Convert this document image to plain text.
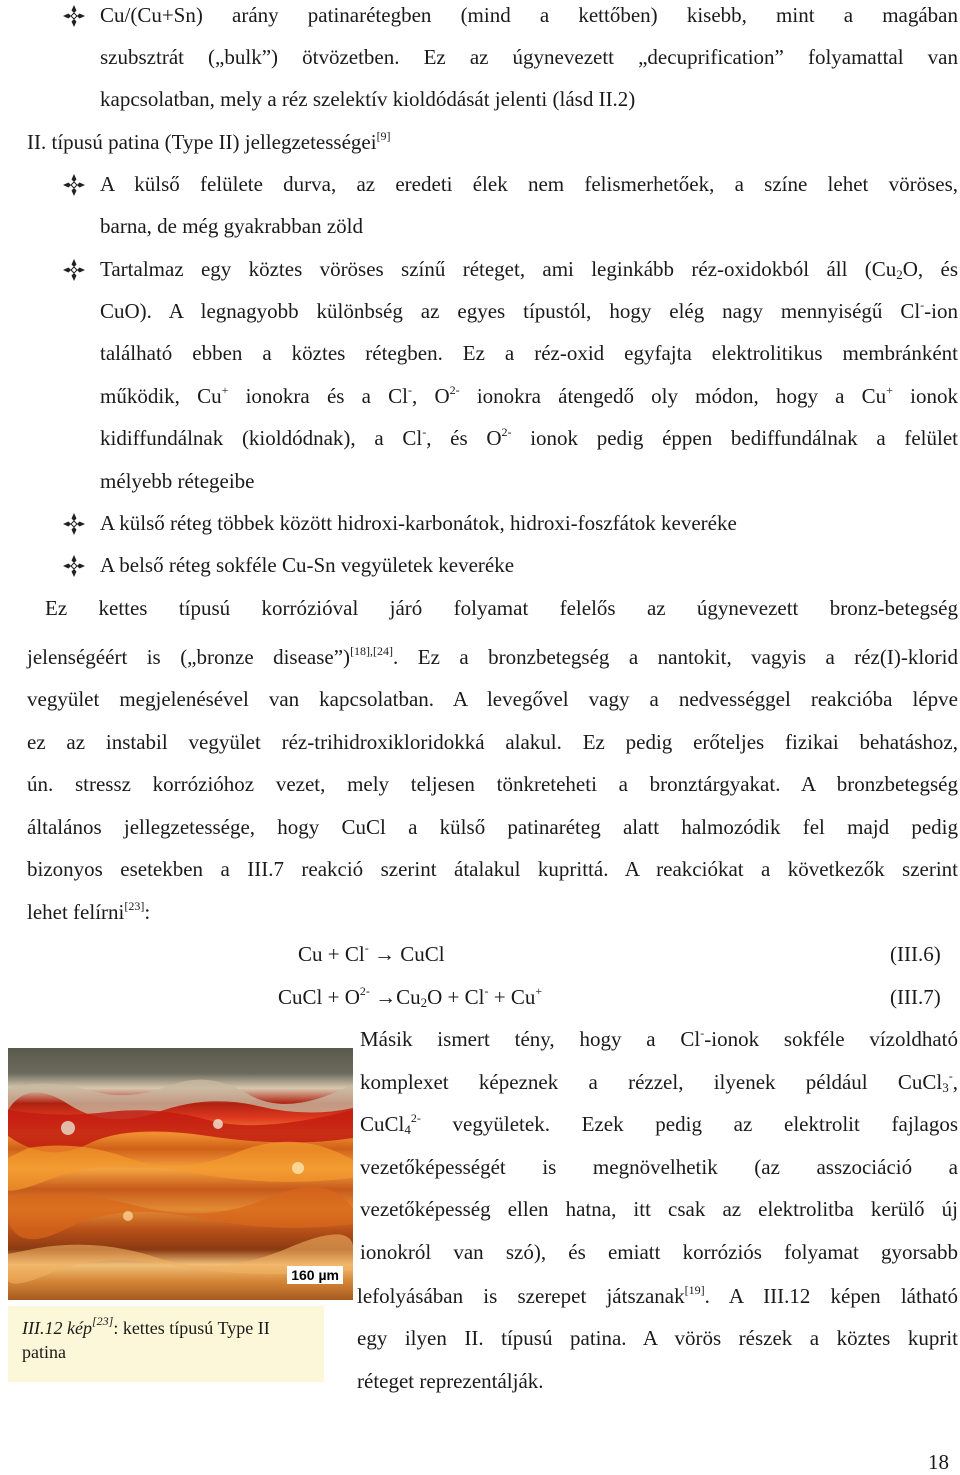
Cu/(Cu+Sn) arány patinarétegben (mind a kettőben) kisebb, mint a magában
szubsztrát („bulk”) ötvözetben. Ez az úgynevezett „decuprification” folyamattal van
kapcsolatban, mely a réz szelektív kioldódását jelenti (lásd II.2)
II. típusú patina (Type II) jellegzetességei[9]
A külső felülete durva, az eredeti élek nem felismerhetőek, a színe lehet vöröses,
barna, de még gyakrabban zöld
Tartalmaz egy köztes vöröses színű réteget, ami leginkább réz-oxidokból áll ($Cu_2O$, és
CuO). A legnagyobb különbség az egyes típustól, hogy elég nagy mennyiségű Cl--ion
található ebben a köztes rétegben. Ez a réz-oxid egyfajta elektrolitikus membránként
működik, Cu+ ionokra és a Cl-, $O^{2-}$ ionokra átengedő oly módon, hogy a Cu+ ionok
kidiffundálnak (kioldódnak), a Cl-, és $O^{2-}$ ionok pedig éppen bediffundálnak a felület
mélyebb rétegeibe
A külső réteg többek között hidroxi-karbonátok, hidroxi-foszfátok keveréke
A belső réteg sokféle Cu-Sn vegyületek keveréke
Ez kettes típusú korrózióval járó folyamat felelős az úgynevezett bronz-betegség
jelenségéért is („bronze disease”)[18],[24]. Ez a bronzbetegség a nantokit, vagyis a réz(I)-klorid
vegyület megjelenésével van kapcsolatban. A levegővel vagy a nedvességgel reakcióba lépve
ez az instabil vegyület réz-trihidroxikloridokká alakul. Ez pedig erőteljes fizikai behatáshoz,
ún. stressz korrózióhoz vezet, mely teljesen tönkreteheti a bronztárgyakat. A bronzbetegség
általános jellegzetessége, hogy CuCl a külső patinaréteg alatt halmozódik fel majd pedig
bizonyos esetekben a III.7 reakció szerint átalakul kuprittá. A reakciókat a következők szerint
lehet felírni[23]:
Cu + Cl- → CuCl	(III.6)
CuCl + $O^{2-} \to Cu_2O + Cl^- + Cu^+$	(III.7)
160 µm
III.12 kép[23]: kettes típusú Type II
patina
Másik ismert tény, hogy a Cl--ionok sokféle vízoldható
komplexet képeznek a rézzel, ilyenek például CuCl$_3$-,
CuCl$_4^{2-}$ vegyületek. Ezek pedig az elektrolit fajlagos
vezetőképességét is megnövelhetik (az asszociáció a
vezetőképesség ellen hatna, itt csak az elektrolitba kerülő új
ionokról van szó), és emiatt korróziós folyamat gyorsabb
lefolyásában is szerepet játszanak[19]. A III.12 képen látható
egy ilyen II. típusú patina. A vörös részek a köztes kuprit
réteget reprezentálják.
18
